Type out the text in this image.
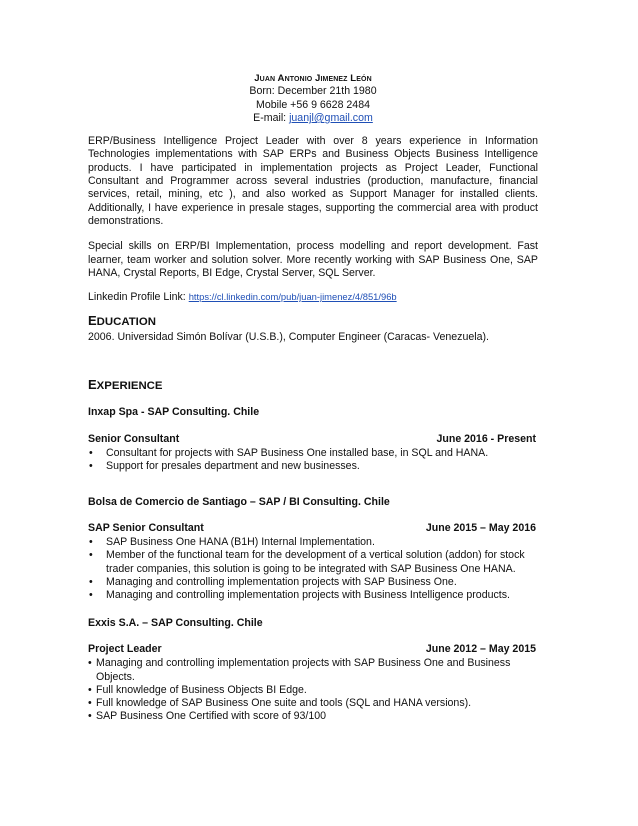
Juan Antonio Jimenez León
Born: December 21th 1980
Mobile +56 9 6628 2484
E-mail: juanjl@gmail.com

ERP/Business Intelligence Project Leader with over 8 years experience in Information Technologies implementations with SAP ERPs and Business Objects Business Intelligence products. I have participated in implementation projects as Project Leader, Functional Consultant and Programmer across several industries (production, manufacture, financial services, retail, mining, etc ), and also worked as Support Manager for installed clients. Additionally, I have experience in presale stages, supporting the commercial area with product demonstrations.

Special skills on ERP/BI Implementation, process modelling and report development. Fast learner, team worker and solution solver. More recently working with SAP Business One, SAP HANA, Crystal Reports, BI Edge, Crystal Server, SQL Server.

Linkedin Profile Link: https://cl.linkedin.com/pub/juan-jimenez/4/851/96b

EDUCATION
2006. Universidad Simón Bolívar (U.S.B.), Computer Engineer (Caracas- Venezuela).
EXPERIENCE
Inxap Spa - SAP Consulting. Chile
Senior Consultant	June 2016 - Present
• Consultant for projects with SAP Business One installed base, in SQL and HANA.
• Support for presales department and new businesses.
Bolsa de Comercio de Santiago – SAP / BI Consulting. Chile
SAP Senior Consultant	June 2015 – May 2016
• SAP Business One HANA (B1H) Internal Implementation.
• Member of the functional team for the development of a vertical solution (addon) for stock trader companies, this solution is going to be integrated with SAP Business One HANA.
• Managing and controlling implementation projects with SAP Business One.
• Managing and controlling implementation projects with Business Intelligence products.
Exxis S.A. – SAP Consulting. Chile
Project Leader	June 2012 – May 2015
• Managing and controlling implementation projects with SAP Business One and Business Objects.
• Full knowledge of Business Objects BI Edge.
• Full knowledge of SAP Business One suite and tools (SQL and HANA versions).
• SAP Business One Certified with score of 93/100
